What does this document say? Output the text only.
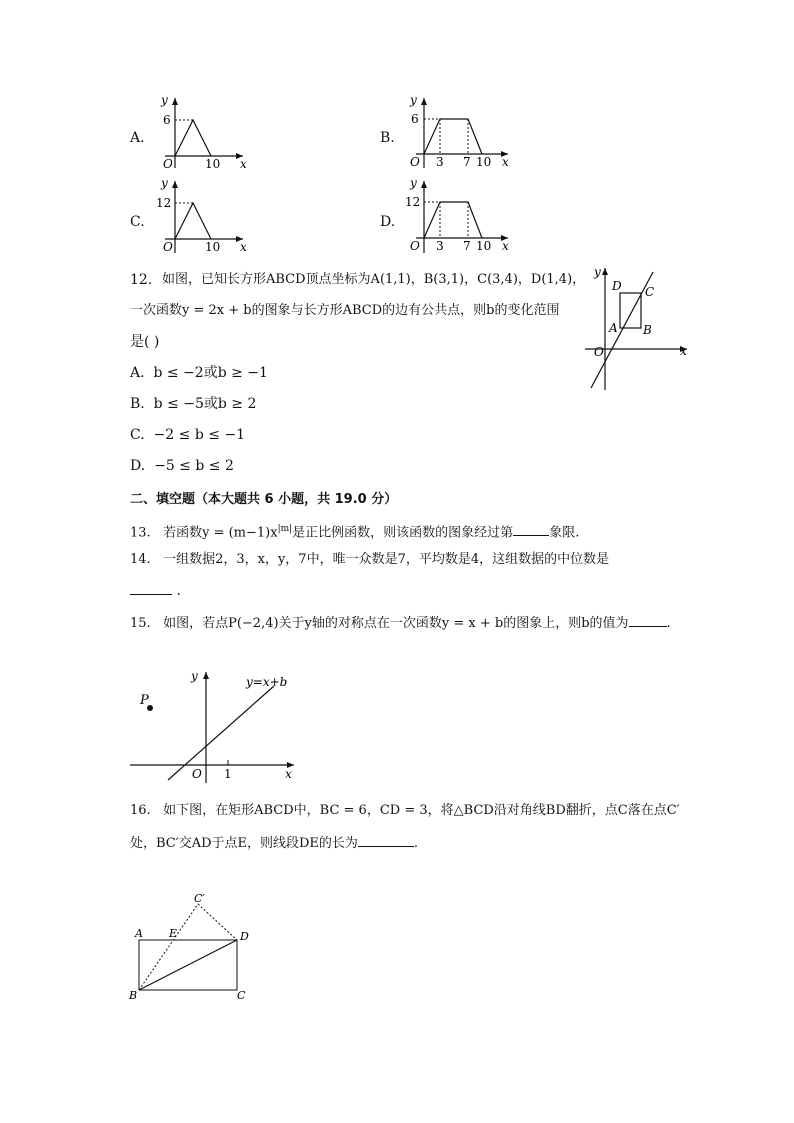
A.
y
6
O	10 x
B.
y
6
O 3 7 10 x
C.
y
12
O	10 x
D.
y
12
O 3 7 10 x
12. 如图，已知长方形ABCD顶点坐标为A(1,1)，B(3,1)，C(3,4)，D(1,4)，
一次函数y = 2x + b的图象与长方形ABCD的边有公共点，则b的变化范围
是( )
A. b ≤ −2或b ≥ −1
B. b ≤ −5或b ≥ 2
C. −2 ≤ b ≤ −1
D. −5 ≤ b ≤ 2
y
D C
A B
O	x
二、填空题（本大题共 6 小题，共 19.0 分）
13. 若函数$y = (m-1)x^{|m|}$是正比例函数，则该函数的图象经过第	象限.
14. 一组数据2，3，x，y，7中，唯一众数是7，平均数是4，这组数据的中位数是
.
15. 如图，若点P(−2,4)关于y轴的对称点在一次函数y = x + b的图象上，则b的值为	.
y	y=x+b
P
O 1	x
16. 如下图，在矩形ABCD中，BC = 6，CD = 3，将△BCD沿对角线BD翻折，点C落在点C′
处，BC′交AD于点E，则线段DE的长为	.
C′
A E	D
B	C
